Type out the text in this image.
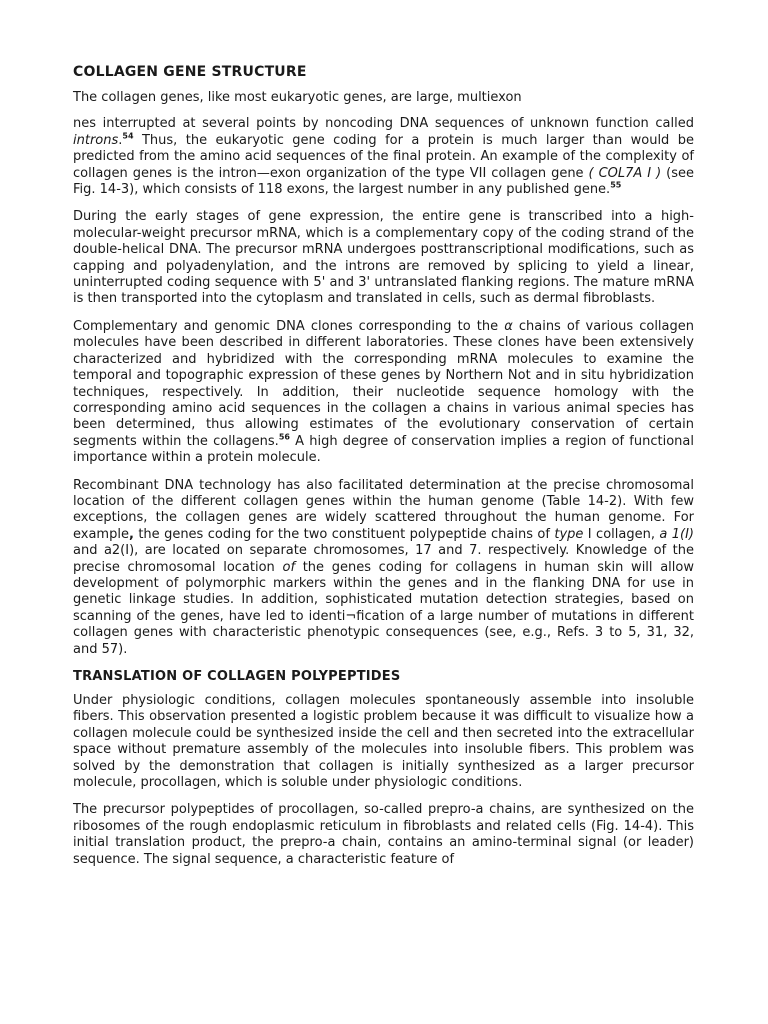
COLLAGEN GENE STRUCTURE

The collagen genes, like most eukaryotic genes, are large, multiexon

nes interrupted at several points by noncoding DNA sequences of unknown function called introns.$^{54}$ Thus, the eukaryotic gene coding for a protein is much larger than would be predicted from the amino acid sequences of the final protein. An example of the complexity of collagen genes is the intron—exon organization of the type VII collagen gene ( COL7A I ) (see Fig. 14-3), which consists of 118 exons, the largest number in any published gene.$^{55}$

During the early stages of gene expression, the entire gene is transcribed into a high-molecular-weight precursor mRNA, which is a complementary copy of the coding strand of the double-helical DNA. The precursor mRNA undergoes posttranscriptional modifications, such as capping and polyadenylation, and the introns are removed by splicing to yield a linear, uninterrupted coding sequence with 5' and 3' untranslated flanking regions. The mature mRNA is then transported into the cytoplasm and translated in cells, such as dermal fibroblasts.

Complementary and genomic DNA clones corresponding to the α chains of various collagen molecules have been described in different laboratories. These clones have been extensively characterized and hybridized with the corresponding mRNA molecules to examine the temporal and topographic expression of these genes by Northern Not and in situ hybridization techniques, respectively. In addition, their nucleotide sequence homology with the corresponding amino acid sequences in the collagen a chains in various animal species has been determined, thus allowing estimates of the evolutionary conservation of certain segments within the collagens.$^{56}$ A high degree of conservation implies a region of functional importance within a protein molecule.

Recombinant DNA technology has also facilitated determination at the precise chromosomal location of the different collagen genes within the human genome (Table 14-2). With few exceptions, the collagen genes are widely scattered throughout the human genome. For example, the genes coding for the two constituent polypeptide chains of type I collagen, a 1(I) and a2(I), are located on separate chromosomes, 17 and 7. respectively. Knowledge of the precise chromosomal location of the genes coding for collagens in human skin will allow development of polymorphic markers within the genes and in the flanking DNA for use in genetic linkage studies. In addition, sophisticated mutation detection strategies, based on scanning of the genes, have led to identi¬fication of a large number of mutations in different collagen genes with characteristic phenotypic consequences (see, e.g., Refs. 3 to 5, 31, 32, and 57).

TRANSLATION OF COLLAGEN POLYPEPTIDES

Under physiologic conditions, collagen molecules spontaneously assemble into insoluble fibers. This observation presented a logistic problem because it was difficult to visualize how a collagen molecule could be synthesized inside the cell and then secreted into the extracellular space without premature assembly of the molecules into insoluble fibers. This problem was solved by the demonstration that collagen is initially synthesized as a larger precursor molecule, procollagen, which is soluble under physiologic conditions.

The precursor polypeptides of procollagen, so-called prepro-a chains, are synthesized on the ribosomes of the rough endoplasmic reticulum in fibroblasts and related cells (Fig. 14-4). This initial translation product, the prepro-a chain, contains an amino-terminal signal (or leader) sequence. The signal sequence, a characteristic feature of
